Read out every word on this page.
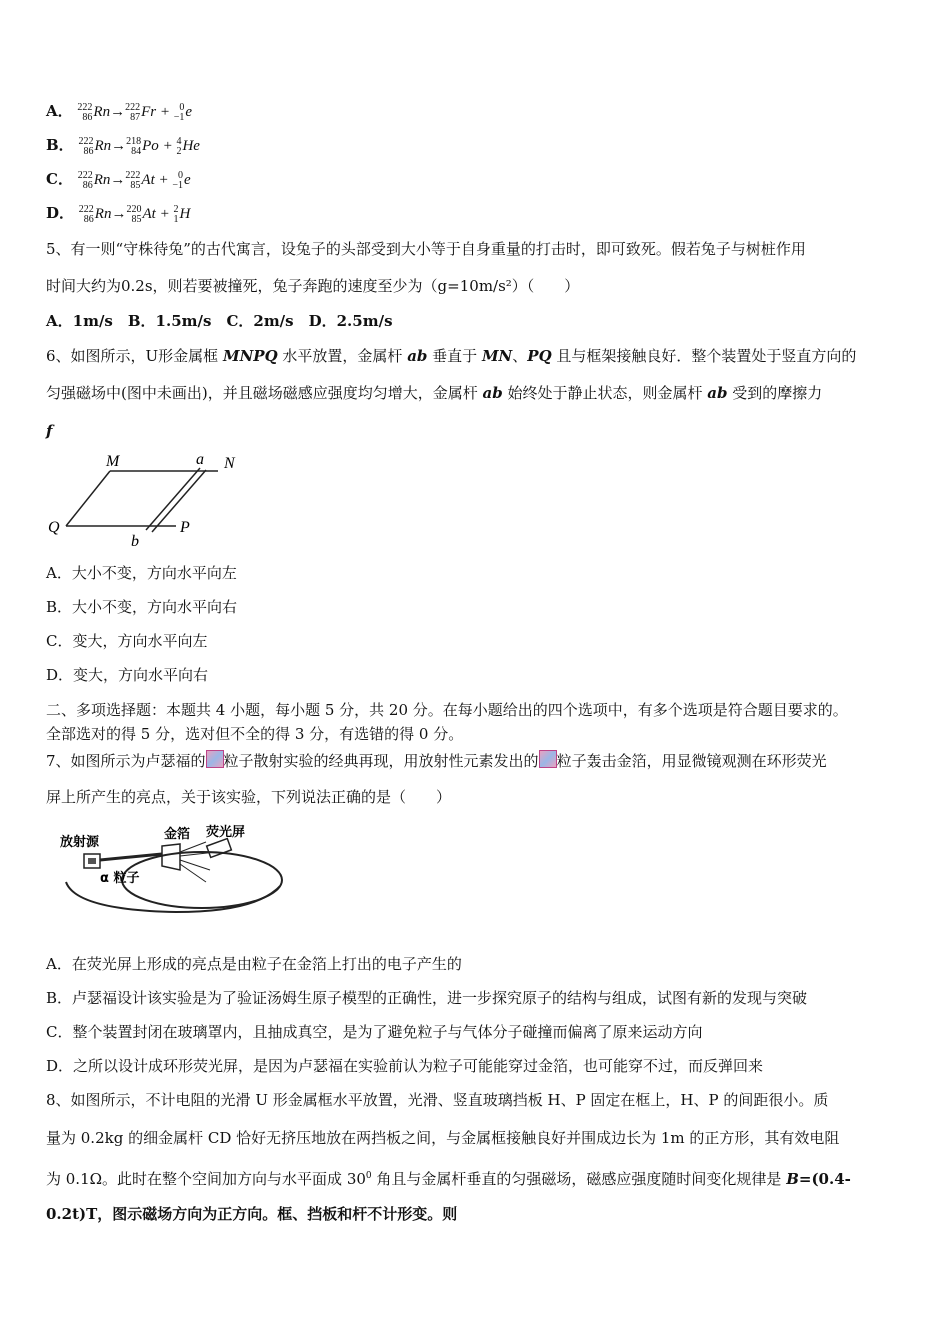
A． 222
86 Rn→ 222
87 Fr + 0
−1 e
B． 222
86 Rn→ 218
84 Po + 4
2 He
C． 222
86 Rn→ 222
85 At + 0
−1 e
D． 222
86 Rn→ 220
85 At + 2
1 H
5、有一则“守株待兔”的古代寓言，设兔子的头部受到大小等于自身重量的打击时，即可致死。假若兔子与树桩作用
时间大约为0.2s，则若要被撞死，兔子奔跑的速度至少为（g=10m/s²）（　　）
A．1m/s　B．1.5m/s　C．2m/s　D．2.5m/s
6、如图所示，U形金属框 MNPQ 水平放置，金属杆 ab 垂直于 MN、PQ 且与框架接触良好．整个装置处于竖直方向的
匀强磁场中(图中未画出)，并且磁场磁感应强度均匀增大，金属杆 ab 始终处于静止状态，则金属杆 ab 受到的摩擦力
f
M	a N
Q	P
b
A．大小不变，方向水平向左
B．大小不变，方向水平向右
C．变大，方向水平向左
D．变大，方向水平向右
二、多项选择题：本题共 4 小题，每小题 5 分，共 20 分。在每小题给出的四个选项中，有多个选项是符合题目要求的。
全部选对的得 5 分，选对但不全的得 3 分，有选错的得 0 分。
7、如图所示为卢瑟福的 粒子散射实验的经典再现，用放射性元素发出的 粒子轰击金箔，用显微镜观测在环形荧光
屏上所产生的亮点，关于该实验，下列说法正确的是（　　）
放射源
金箔 荧光屏
α 粒子
A．在荧光屏上形成的亮点是由粒子在金箔上打出的电子产生的
B．卢瑟福设计该实验是为了验证汤姆生原子模型的正确性，进一步探究原子的结构与组成，试图有新的发现与突破
C．整个装置封闭在玻璃罩内，且抽成真空，是为了避免粒子与气体分子碰撞而偏离了原来运动方向
D．之所以设计成环形荧光屏，是因为卢瑟福在实验前认为粒子可能能穿过金箔，也可能穿不过，而反弹回来
8、如图所示，不计电阻的光滑 U 形金属框水平放置，光滑、竖直玻璃挡板 H、P 固定在框上，H、P 的间距很小。质
量为 0.2kg 的细金属杆 CD 恰好无挤压地放在两挡板之间，与金属框接触良好并围成边长为 1m 的正方形，其有效电阻
为 0.1Ω。此时在整个空间加方向与水平面成 $30^0$ 角且与金属杆垂直的匀强磁场，磁感应强度随时间变化规律是 B=(0.4-
0.2t)T，图示磁场方向为正方向。框、挡板和杆不计形变。则
